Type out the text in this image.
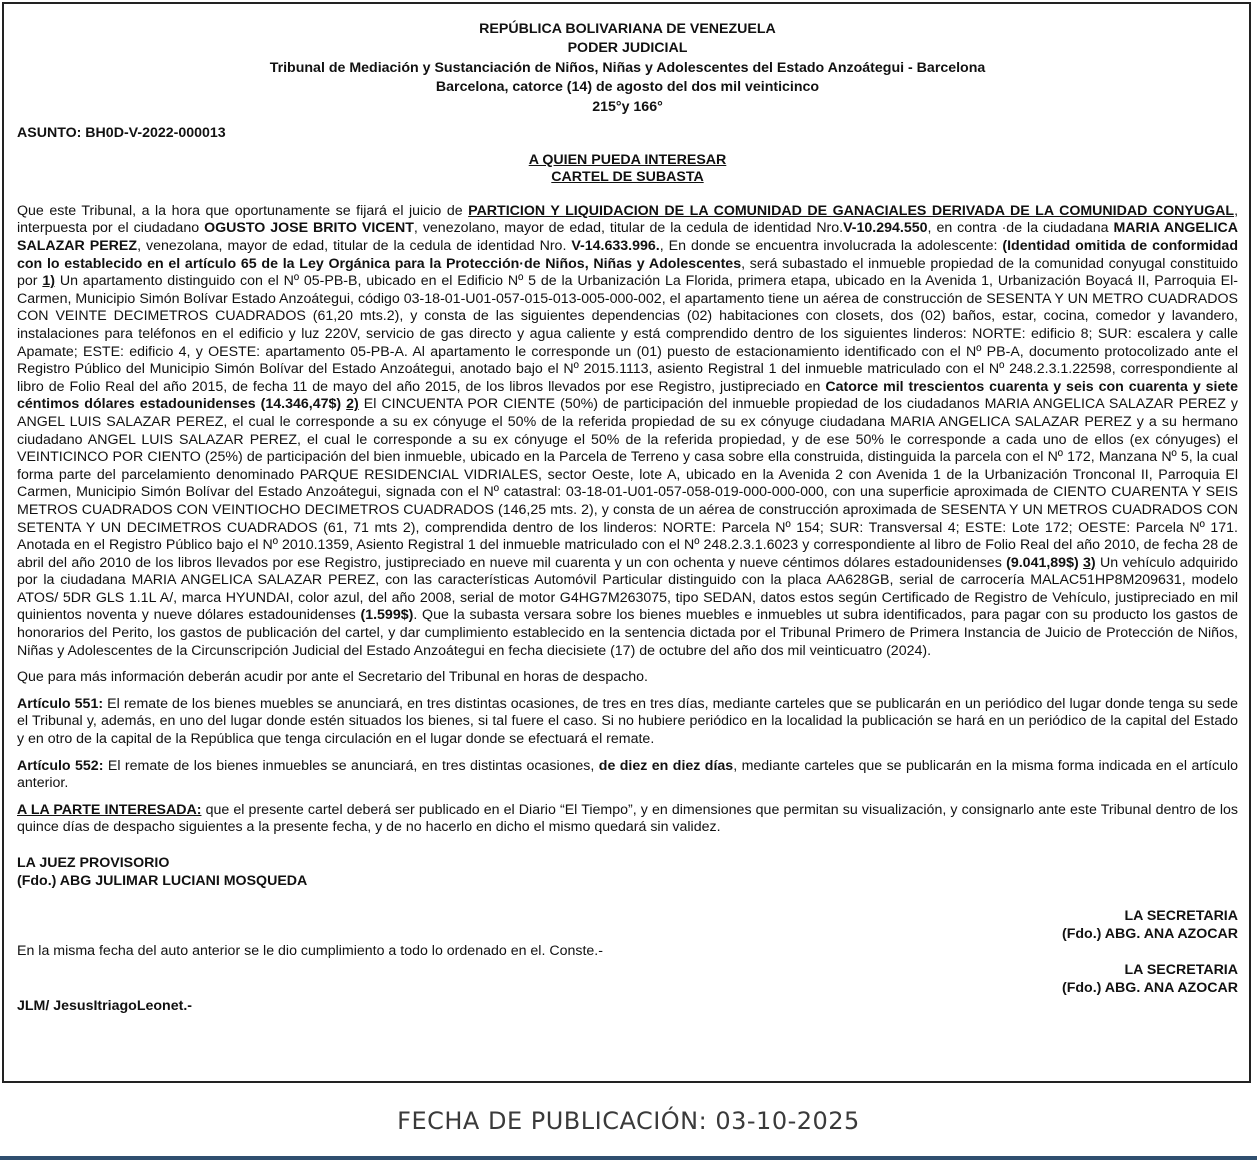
REPÚBLICA BOLIVARIANA DE VENEZUELA
PODER JUDICIAL
Tribunal de Mediación y Sustanciación de Niños, Niñas y Adolescentes del Estado Anzoátegui - Barcelona
Barcelona, catorce (14) de agosto del dos mil veinticinco
215°y 166°
ASUNTO: BH0D-V-2022-000013
A QUIEN PUEDA INTERESAR
CARTEL DE SUBASTA

Que este Tribunal, a la hora que oportunamente se fijará el juicio de PARTICION Y LIQUIDACION DE LA COMUNIDAD DE GANACIALES DERIVADA DE LA COMUNIDAD CONYUGAL, interpuesta por el ciudadano OGUSTO JOSE BRITO VICENT, venezolano, mayor de edad, titular de la cedula de identidad Nro.V-10.294.550, en contra ·de la ciudadana MARIA ANGELICA SALAZAR PEREZ, venezolana, mayor de edad, titular de la cedula de identidad Nro. V-14.633.996., En donde se encuentra involucrada la adolescente: (Identidad omitida de conformidad con lo establecido en el artículo 65 de la Ley Orgánica para la Protección·de Niños, Niñas y Adolescentes, será subastado el inmueble propiedad de la comunidad conyugal constituido por 1) Un apartamento distinguido con el Nº 05-PB-B, ubicado en el Edificio Nº 5 de la Urbanización La Florida, primera etapa, ubicado en la Avenida 1, Urbanización Boyacá II, Parroquia El-Carmen, Municipio Simón Bolívar Estado Anzoátegui, código 03-18-01-U01-057-015-013-005-000-002, el apartamento tiene un aérea de construcción de SESENTA Y UN METRO CUADRADOS CON VEINTE DECIMETROS CUADRADOS (61,20 mts.2), y consta de las siguientes dependencias (02) habitaciones con closets, dos (02) baños, estar, cocina, comedor y lavandero, instalaciones para teléfonos en el edificio y luz 220V, servicio de gas directo y agua caliente y está comprendido dentro de los siguientes linderos: NORTE: edificio 8; SUR: escalera y calle Apamate; ESTE: edificio 4, y OESTE: apartamento 05-PB-A. Al apartamento le corresponde un (01) puesto de estacionamiento identificado con el Nº PB-A, documento protocolizado ante el Registro Público del Municipio Simón Bolívar del Estado Anzoátegui, anotado bajo el Nº 2015.1113, asiento Registral 1 del inmueble matriculado con el Nº 248.2.3.1.22598, correspondiente al libro de Folio Real del año 2015, de fecha 11 de mayo del año 2015, de los libros llevados por ese Registro, justipreciado en Catorce mil trescientos cuarenta y seis con cuarenta y siete céntimos dólares estadounidenses (14.346,47$) 2) El CINCUENTA POR CIENTE (50%) de participación del inmueble propiedad de los ciudadanos MARIA ANGELICA SALAZAR PEREZ y ANGEL LUIS SALAZAR PEREZ, el cual le corresponde a su ex cónyuge el 50% de la referida propiedad de su ex cónyuge ciudadana MARIA ANGELICA SALAZAR PEREZ y a su hermano ciudadano ANGEL LUIS SALAZAR PEREZ, el cual le corresponde a su ex cónyuge el 50% de la referida propiedad, y de ese 50% le corresponde a cada uno de ellos (ex cónyuges) el VEINTICINCO POR CIENTO (25%) de participación del bien inmueble, ubicado en la Parcela de Terreno y casa sobre ella construida, distinguida la parcela con el Nº 172, Manzana Nº 5, la cual forma parte del parcelamiento denominado PARQUE RESIDENCIAL VIDRIALES, sector Oeste, lote A, ubicado en la Avenida 2 con Avenida 1 de la Urbanización Tronconal II, Parroquia El Carmen, Municipio Simón Bolívar del Estado Anzoátegui, signada con el Nº catastral: 03-18-01-U01-057-058-019-000-000-000, con una superficie aproximada de CIENTO CUARENTA Y SEIS METROS CUADRADOS CON VEINTIOCHO DECIMETROS CUADRADOS (146,25 mts. 2), y consta de un aérea de construcción aproximada de SESENTA Y UN METROS CUADRADOS CON SETENTA Y UN DECIMETROS CUADRADOS (61, 71 mts 2), comprendida dentro de los linderos: NORTE: Parcela Nº 154; SUR: Transversal 4; ESTE: Lote 172; OESTE: Parcela Nº 171. Anotada en el Registro Público bajo el Nº 2010.1359, Asiento Registral 1 del inmueble matriculado con el Nº 248.2.3.1.6023 y correspondiente al libro de Folio Real del año 2010, de fecha 28 de abril del año 2010 de los libros llevados por ese Registro, justipreciado en nueve mil cuarenta y un con ochenta y nueve céntimos dólares estadounidenses (9.041,89$) 3) Un vehículo adquirido por la ciudadana MARIA ANGELICA SALAZAR PEREZ, con las características Automóvil Particular distinguido con la placa AA628GB, serial de carrocería MALAC51HP8M209631, modelo ATOS/ 5DR GLS 1.1L A/, marca HYUNDAI, color azul, del año 2008, serial de motor G4HG7M263075, tipo SEDAN, datos estos según Certificado de Registro de Vehículo, justipreciado en mil quinientos noventa y nueve dólares estadounidenses (1.599$). Que la subasta versara sobre los bienes muebles e inmuebles ut subra identificados, para pagar con su producto los gastos de honorarios del Perito, los gastos de publicación del cartel, y dar cumplimiento establecido en la sentencia dictada por el Tribunal Primero de Primera Instancia de Juicio de Protección de Niños, Niñas y Adolescentes de la Circunscripción Judicial del Estado Anzoátegui en fecha diecisiete (17) de octubre del año dos mil veinticuatro (2024).

Que para más información deberán acudir por ante el Secretario del Tribunal en horas de despacho.

Artículo 551: El remate de los bienes muebles se anunciará, en tres distintas ocasiones, de tres en tres días, mediante carteles que se publicarán en un periódico del lugar donde tenga su sede el Tribunal y, además, en uno del lugar donde estén situados los bienes, si tal fuere el caso. Si no hubiere periódico en la localidad la publicación se hará en un periódico de la capital del Estado y en otro de la capital de la República que tenga circulación en el lugar donde se efectuará el remate.

Artículo 552: El remate de los bienes inmuebles se anunciará, en tres distintas ocasiones, de diez en diez días, mediante carteles que se publicarán en la misma forma indicada en el artículo anterior.

A LA PARTE INTERESADA: que el presente cartel deberá ser publicado en el Diario “El Tiempo”, y en dimensiones que permitan su visualización, y consignarlo ante este Tribunal dentro de los quince días de despacho siguientes a la presente fecha, y de no hacerlo en dicho el mismo quedará sin validez.

LA JUEZ PROVISORIO
(Fdo.) ABG JULIMAR LUCIANI MOSQUEDA
LA SECRETARIA
(Fdo.) ABG. ANA AZOCAR
En la misma fecha del auto anterior se le dio cumplimiento a todo lo ordenado en el. Conste.-
LA SECRETARIA
(Fdo.) ABG. ANA AZOCAR
JLM/ JesusItriagoLeonet.-
FECHA DE PUBLICACIÓN: 03-10-2025
